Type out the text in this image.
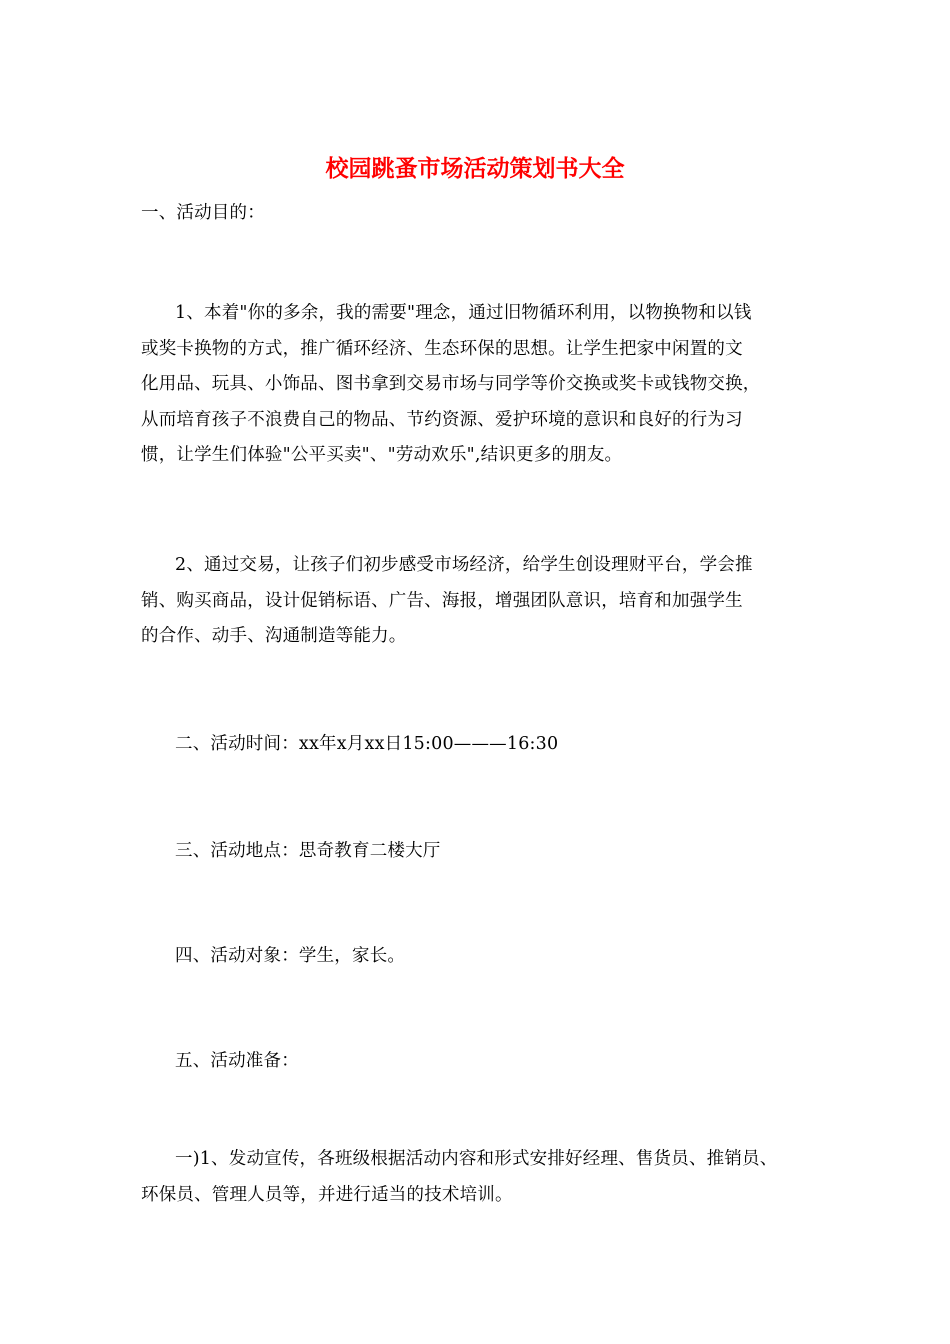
校园跳蚤市场活动策划书大全

一、活动目的：

1、本着"你的多余，我的需要"理念，通过旧物循环利用，以物换物和以钱
或奖卡换物的方式，推广循环经济、生态环保的思想。让学生把家中闲置的文
化用品、玩具、小饰品、图书拿到交易市场与同学等价交换或奖卡或钱物交换，
从而培育孩子不浪费自己的物品、节约资源、爱护环境的意识和良好的行为习
惯，让学生们体验"公平买卖"、"劳动欢乐",结识更多的朋友。

2、通过交易，让孩子们初步感受市场经济，给学生创设理财平台，学会推
销、购买商品，设计促销标语、广告、海报，增强团队意识，培育和加强学生
的合作、动手、沟通制造等能力。

二、活动时间：xx年x月xx日15:00———16:30

三、活动地点：思奇教育二楼大厅

四、活动对象：学生，家长。

五、活动准备：

一)1、发动宣传，各班级根据活动内容和形式安排好经理、售货员、推销员、
环保员、管理人员等，并进行适当的技术培训。
